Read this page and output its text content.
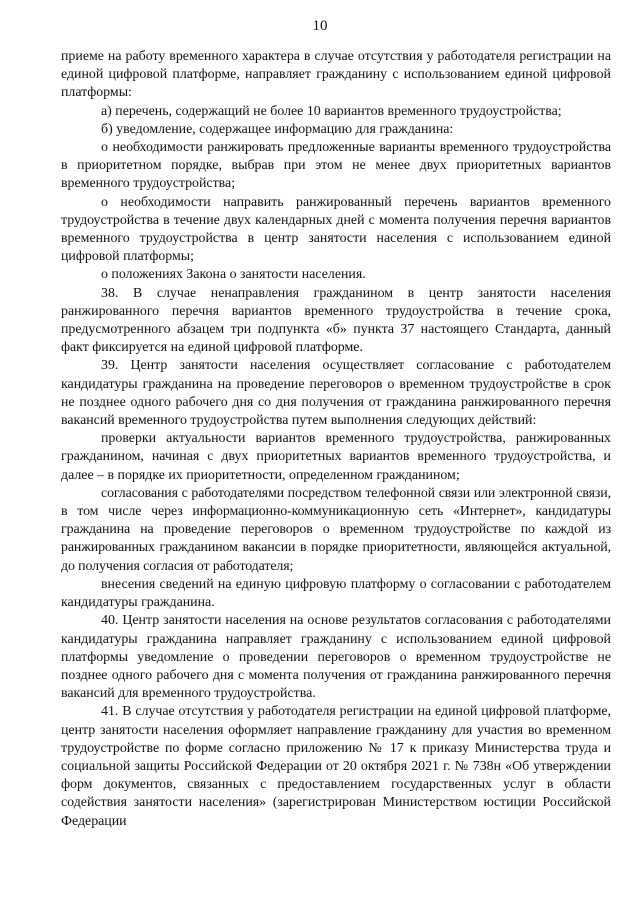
10

приеме на работу временного характера в случае отсутствия у работодателя регистрации на единой цифровой платформе, направляет гражданину с использованием единой цифровой платформы:

а) перечень, содержащий не более 10 вариантов временного трудоустройства;

б) уведомление, содержащее информацию для гражданина:

о необходимости ранжировать предложенные варианты временного трудоустройства в приоритетном порядке, выбрав при этом не менее двух приоритетных вариантов временного трудоустройства;

о необходимости направить ранжированный перечень вариантов временного трудоустройства в течение двух календарных дней с момента получения перечня вариантов временного трудоустройства в центр занятости населения с использованием единой цифровой платформы;

о положениях Закона о занятости населения.

38. В случае ненаправления гражданином в центр занятости населения ранжированного перечня вариантов временного трудоустройства в течение срока, предусмотренного абзацем три подпункта «б» пункта 37 настоящего Стандарта, данный факт фиксируется на единой цифровой платформе.

39. Центр занятости населения осуществляет согласование с работодателем кандидатуры гражданина на проведение переговоров о временном трудоустройстве в срок не позднее одного рабочего дня со дня получения от гражданина ранжированного перечня вакансий временного трудоустройства путем выполнения следующих действий:

проверки актуальности вариантов временного трудоустройства, ранжированных гражданином, начиная с двух приоритетных вариантов временного трудоустройства, и далее – в порядке их приоритетности, определенном гражданином;

согласования с работодателями посредством телефонной связи или электронной связи, в том числе через информационно-коммуникационную сеть «Интернет», кандидатуры гражданина на проведение переговоров о временном трудоустройстве по каждой из ранжированных гражданином вакансии в порядке приоритетности, являющейся актуальной, до получения согласия от работодателя;

внесения сведений на единую цифровую платформу о согласовании с работодателем кандидатуры гражданина.

40. Центр занятости населения на основе результатов согласования с работодателями кандидатуры гражданина направляет гражданину с использованием единой цифровой платформы уведомление о проведении переговоров о временном трудоустройстве не позднее одного рабочего дня с момента получения от гражданина ранжированного перечня вакансий для временного трудоустройства.

41. В случае отсутствия у работодателя регистрации на единой цифровой платформе, центр занятости населения оформляет направление гражданину для участия во временном трудоустройстве по форме согласно приложению № 17 к приказу Министерства труда и социальной защиты Российской Федерации от 20 октября 2021 г. № 738н «Об утверждении форм документов, связанных с предоставлением государственных услуг в области содействия занятости населения» (зарегистрирован Министерством юстиции Российской Федерации
